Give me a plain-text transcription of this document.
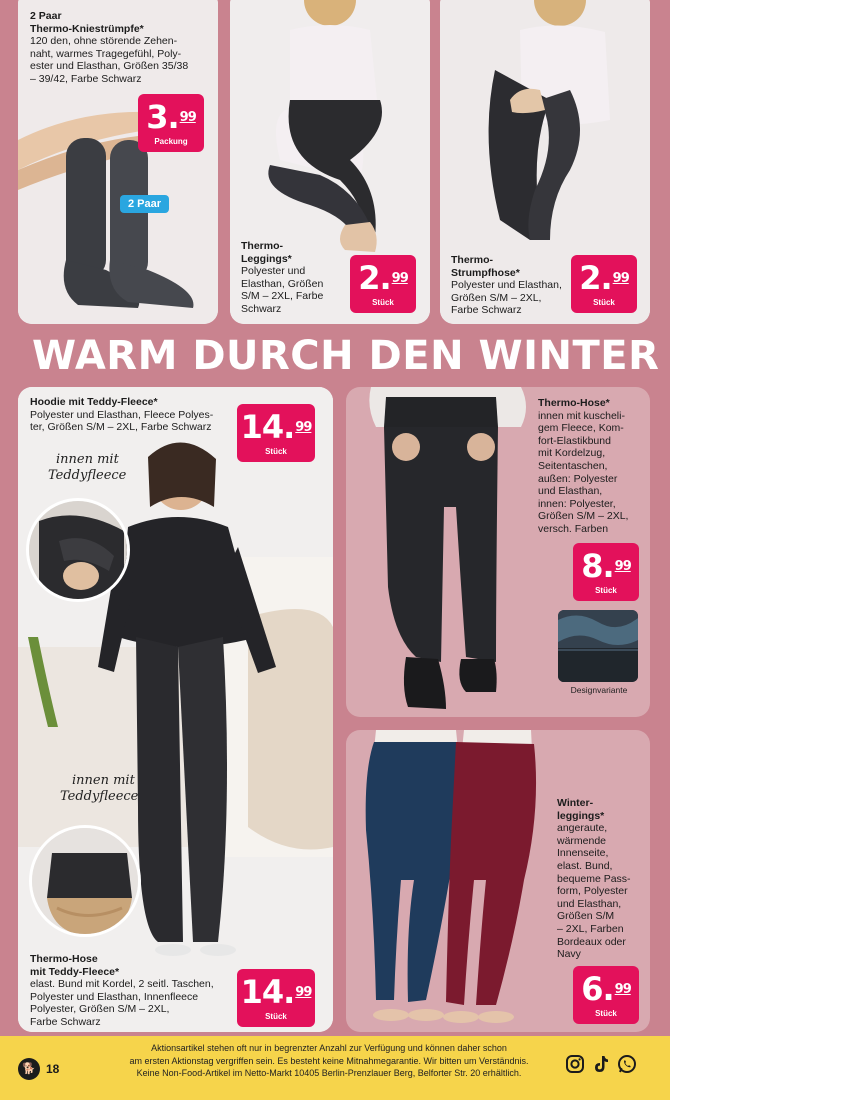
2 Paar
Thermo-Kniestrümpfe*
120 den, ohne störende Zehen-
naht, warmes Tragegefühl, Poly-
ester und Elasthan, Größen 35/38
– 39/42, Farbe Schwarz
3.99
Packung
2 Paar
Thermo-
Leggings*
Polyester und
Elasthan, Größen
S/M – 2XL, Farbe
Schwarz
2.99
Stück
Thermo-
Strumpfhose*
Polyester und Elasthan,
Größen S/M – 2XL,
Farbe Schwarz
2.99
Stück
WARM DURCH DEN WINTER
Hoodie mit Teddy-Fleece*
Polyester und Elasthan, Fleece Polyes-
ter, Größen S/M – 2XL, Farbe Schwarz 14.99
Stück
innen mit
Teddyfleece
innen mit
Teddyfleece
Thermo-Hose
mit Teddy-Fleece*
elast. Bund mit Kordel, 2 seitl. Taschen,
Polyester und Elasthan, Innenfleece
Polyester, Größen S/M – 2XL,
Farbe Schwarz
14.99
Stück
Thermo-Hose*
innen mit kuscheli-
gem Fleece, Kom-
fort-Elastikbund
mit Kordelzug,
Seitentaschen,
außen: Polyester
und Elasthan,
innen: Polyester,
Größen S/M – 2XL,
versch. Farben
8.99
Stück
Designvariante
Winter-
leggings*
angeraute,
wärmende
Innenseite,
elast. Bund,
bequeme Pass-
form, Polyester
und Elasthan,
Größen S/M
– 2XL, Farben
Bordeaux oder
Navy
6.99
Stück
🐕 18
Aktionsartikel stehen oft nur in begrenzter Anzahl zur Verfügung und können daher schon
am ersten Aktionstag vergriffen sein. Es besteht keine Mitnahmegarantie. Wir bitten um Verständnis.
Keine Non-Food-Artikel im Netto-Markt 10405 Berlin-Prenzlauer Berg, Belforter Str. 20 erhältlich.
